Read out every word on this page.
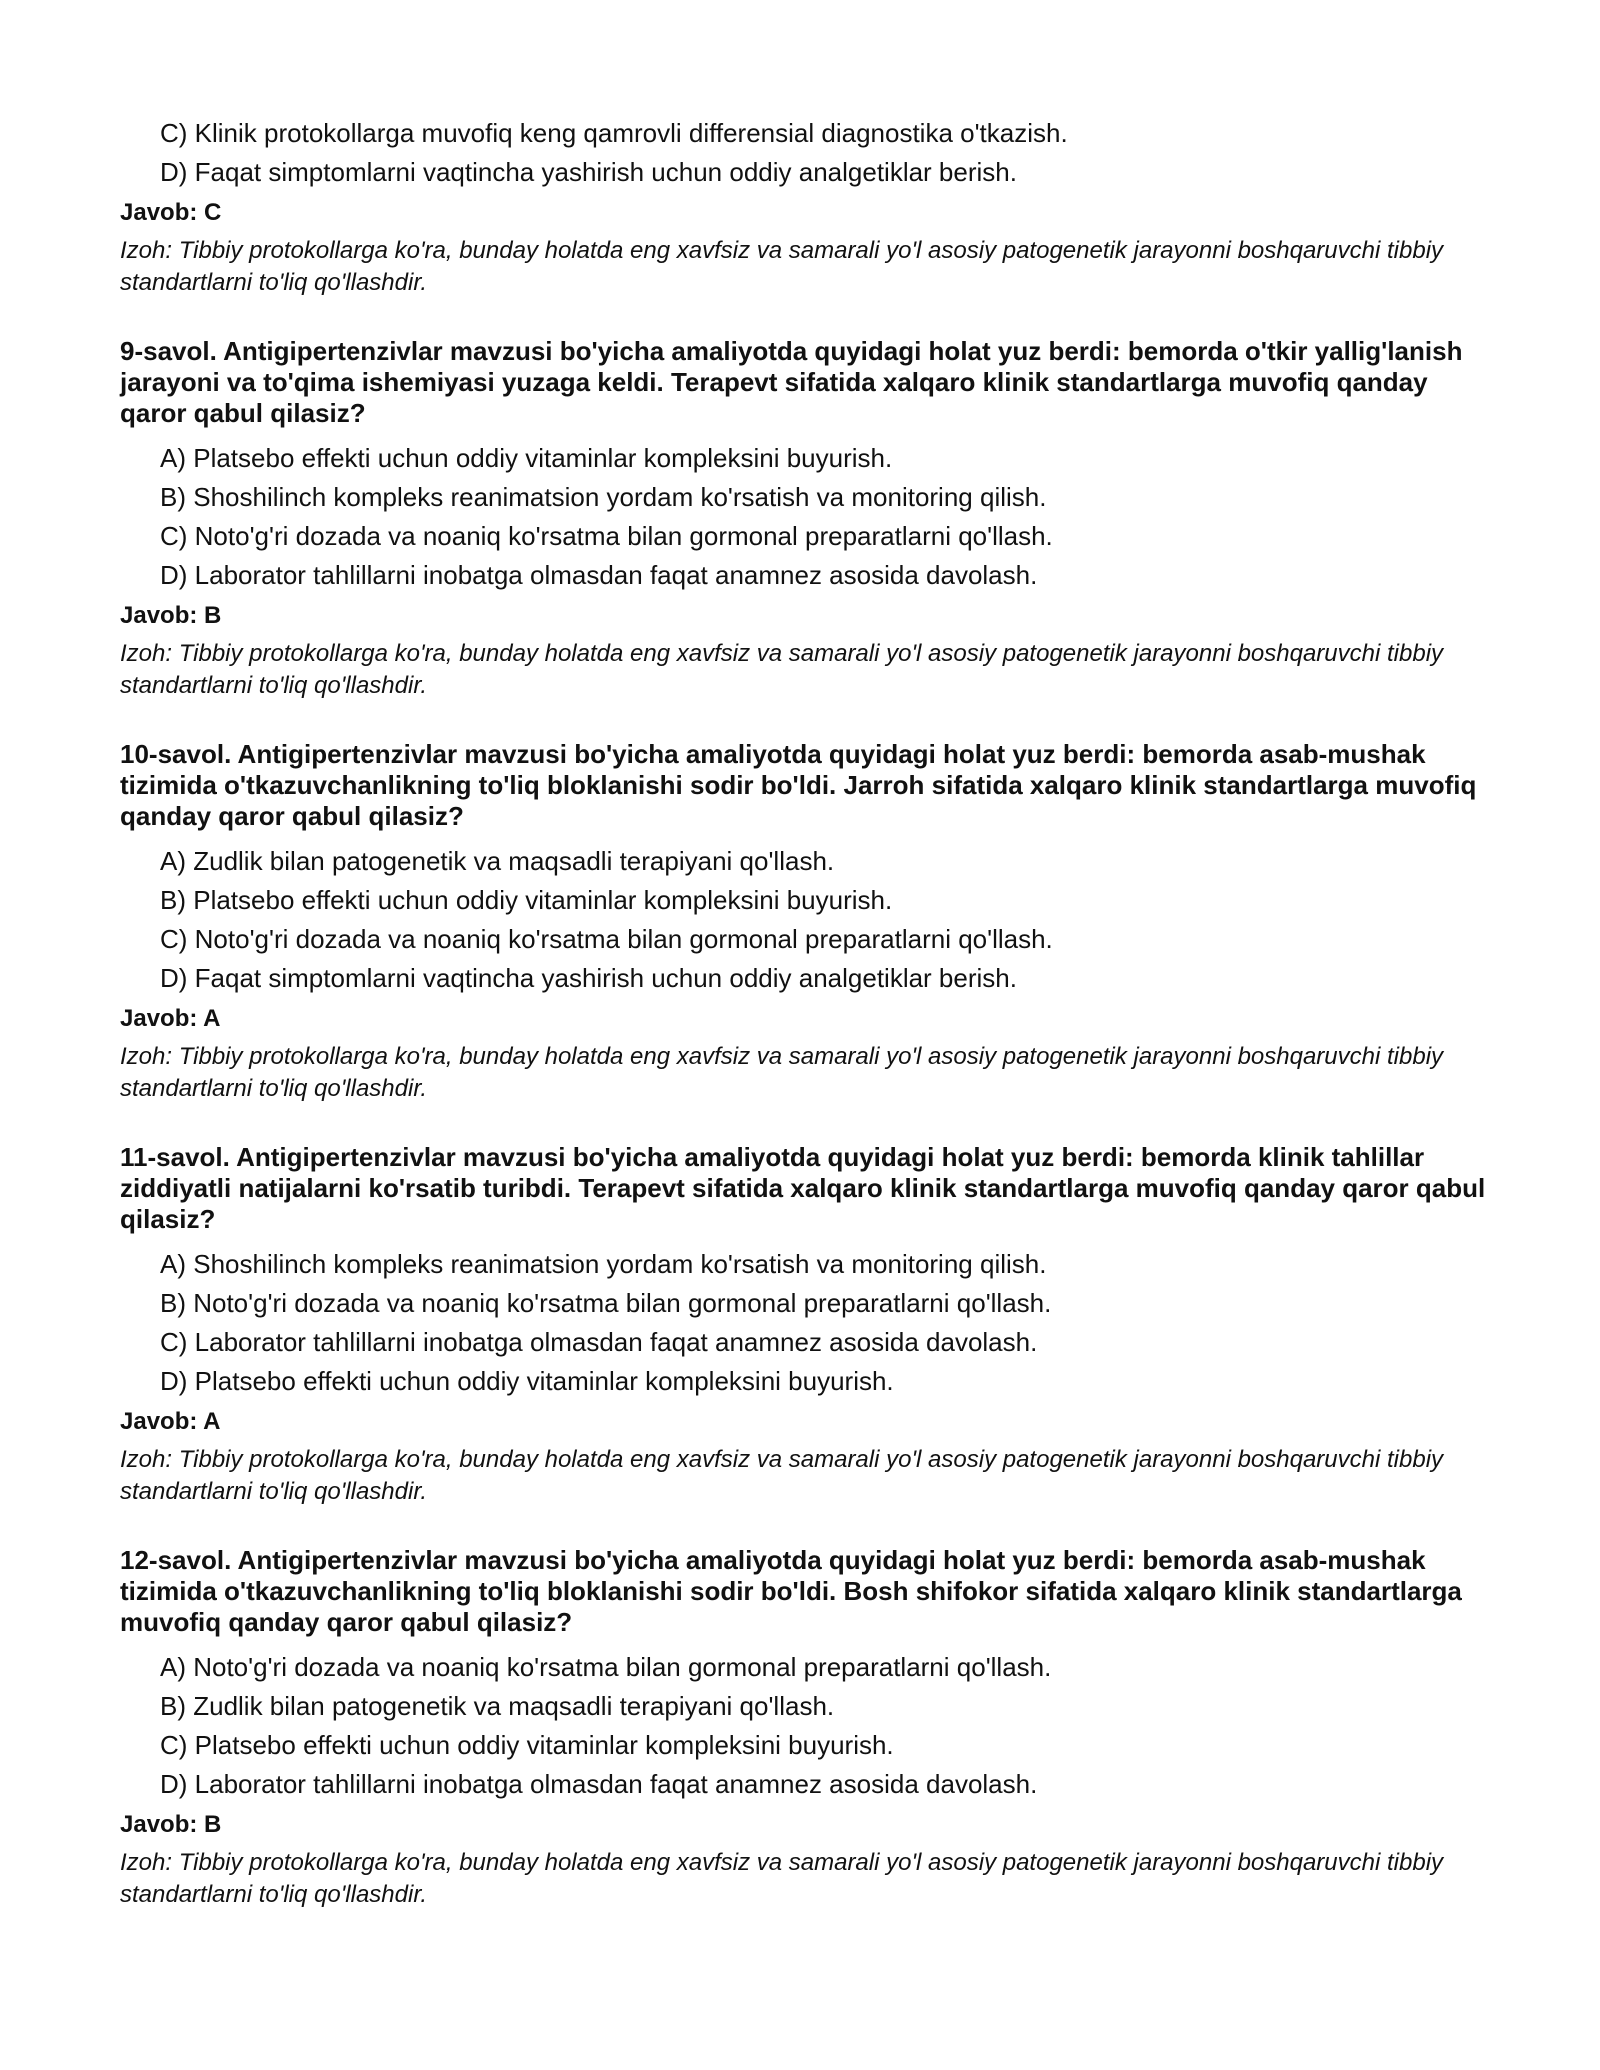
C) Klinik protokollarga muvofiq keng qamrovli differensial diagnostika o'tkazish.
D) Faqat simptomlarni vaqtincha yashirish uchun oddiy analgetiklar berish.
Javob: C
Izoh: Tibbiy protokollarga ko'ra, bunday holatda eng xavfsiz va samarali yo'l asosiy patogenetik jarayonni boshqaruvchi tibbiy standartlarni to'liq qo'llashdir.
9-savol. Antigipertenzivlar mavzusi bo'yicha amaliyotda quyidagi holat yuz berdi: bemorda o'tkir yallig'lanish jarayoni va to'qima ishemiyasi yuzaga keldi. Terapevt sifatida xalqaro klinik standartlarga muvofiq qanday qaror qabul qilasiz?
A) Platsebo effekti uchun oddiy vitaminlar kompleksini buyurish.
B) Shoshilinch kompleks reanimatsion yordam ko'rsatish va monitoring qilish.
C) Noto'g'ri dozada va noaniq ko'rsatma bilan gormonal preparatlarni qo'llash.
D) Laborator tahlillarni inobatga olmasdan faqat anamnez asosida davolash.
Javob: B
Izoh: Tibbiy protokollarga ko'ra, bunday holatda eng xavfsiz va samarali yo'l asosiy patogenetik jarayonni boshqaruvchi tibbiy standartlarni to'liq qo'llashdir.
10-savol. Antigipertenzivlar mavzusi bo'yicha amaliyotda quyidagi holat yuz berdi: bemorda asab-mushak tizimida o'tkazuvchanlikning to'liq bloklanishi sodir bo'ldi. Jarroh sifatida xalqaro klinik standartlarga muvofiq qanday qaror qabul qilasiz?
A) Zudlik bilan patogenetik va maqsadli terapiyani qo'llash.
B) Platsebo effekti uchun oddiy vitaminlar kompleksini buyurish.
C) Noto'g'ri dozada va noaniq ko'rsatma bilan gormonal preparatlarni qo'llash.
D) Faqat simptomlarni vaqtincha yashirish uchun oddiy analgetiklar berish.
Javob: A
Izoh: Tibbiy protokollarga ko'ra, bunday holatda eng xavfsiz va samarali yo'l asosiy patogenetik jarayonni boshqaruvchi tibbiy standartlarni to'liq qo'llashdir.
11-savol. Antigipertenzivlar mavzusi bo'yicha amaliyotda quyidagi holat yuz berdi: bemorda klinik tahlillar ziddiyatli natijalarni ko'rsatib turibdi. Terapevt sifatida xalqaro klinik standartlarga muvofiq qanday qaror qabul qilasiz?
A) Shoshilinch kompleks reanimatsion yordam ko'rsatish va monitoring qilish.
B) Noto'g'ri dozada va noaniq ko'rsatma bilan gormonal preparatlarni qo'llash.
C) Laborator tahlillarni inobatga olmasdan faqat anamnez asosida davolash.
D) Platsebo effekti uchun oddiy vitaminlar kompleksini buyurish.
Javob: A
Izoh: Tibbiy protokollarga ko'ra, bunday holatda eng xavfsiz va samarali yo'l asosiy patogenetik jarayonni boshqaruvchi tibbiy standartlarni to'liq qo'llashdir.
12-savol. Antigipertenzivlar mavzusi bo'yicha amaliyotda quyidagi holat yuz berdi: bemorda asab-mushak tizimida o'tkazuvchanlikning to'liq bloklanishi sodir bo'ldi. Bosh shifokor sifatida xalqaro klinik standartlarga muvofiq qanday qaror qabul qilasiz?
A) Noto'g'ri dozada va noaniq ko'rsatma bilan gormonal preparatlarni qo'llash.
B) Zudlik bilan patogenetik va maqsadli terapiyani qo'llash.
C) Platsebo effekti uchun oddiy vitaminlar kompleksini buyurish.
D) Laborator tahlillarni inobatga olmasdan faqat anamnez asosida davolash.
Javob: B
Izoh: Tibbiy protokollarga ko'ra, bunday holatda eng xavfsiz va samarali yo'l asosiy patogenetik jarayonni boshqaruvchi tibbiy standartlarni to'liq qo'llashdir.
